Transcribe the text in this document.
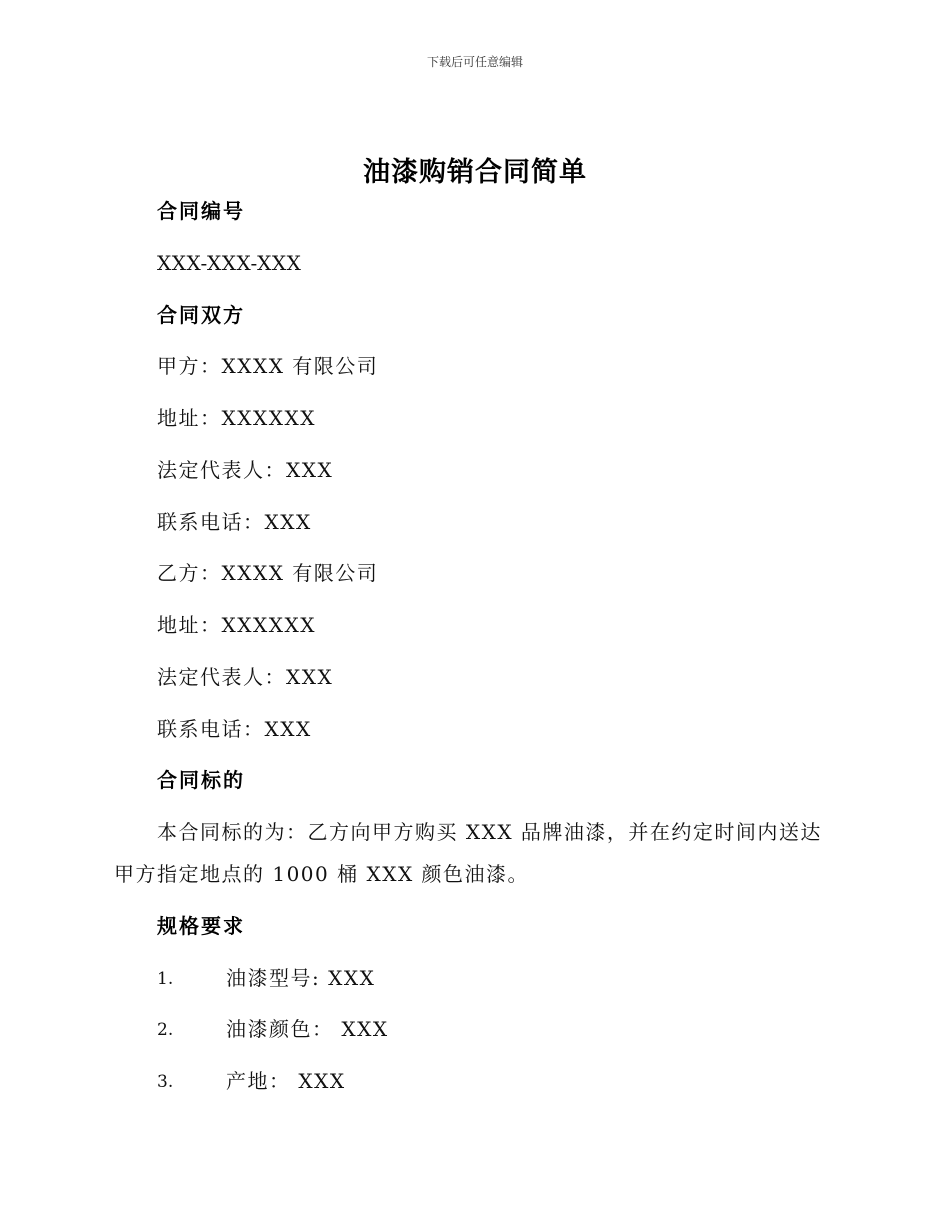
下载后可任意编辑
油漆购销合同简单
合同编号
XXX-XXX-XXX
合同双方
甲方：XXXX 有限公司
地址：XXXXXX
法定代表人：XXX
联系电话：XXX
乙方：XXXX 有限公司
地址：XXXXXX
法定代表人：XXX
联系电话：XXX
合同标的
本合同标的为：乙方向甲方购买 XXX 品牌油漆，并在约定时间内送达
甲方指定地点的 1000 桶 XXX 颜色油漆。
规格要求
1.	油漆型号: XXX
2.	油漆颜色： XXX
3.	产地： XXX
